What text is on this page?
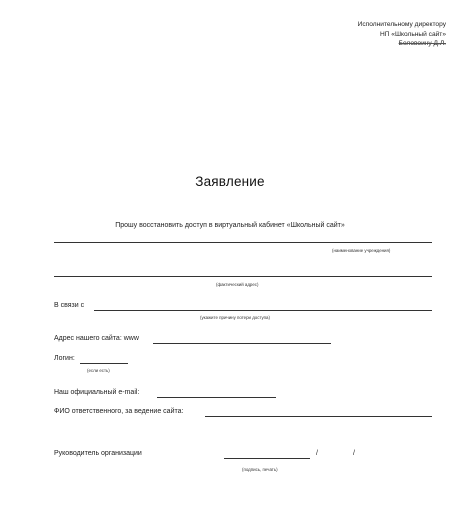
Исполнительному директору
НП «Школьный сайт»
Беловоину Д.Л.
Заявление
Прошу восстановить доступ в виртуальный кабинет «Школьный сайт»
(наименование учреждения)
(фактический адрес)
В связи с
(укажите причину потери доступа)
Адрес нашего сайта: www
Логин:
(если есть)
Наш официальный e-mail:
ФИО ответственного, за ведение сайта:
Руководитель организации	/	/
(подпись, печать)
